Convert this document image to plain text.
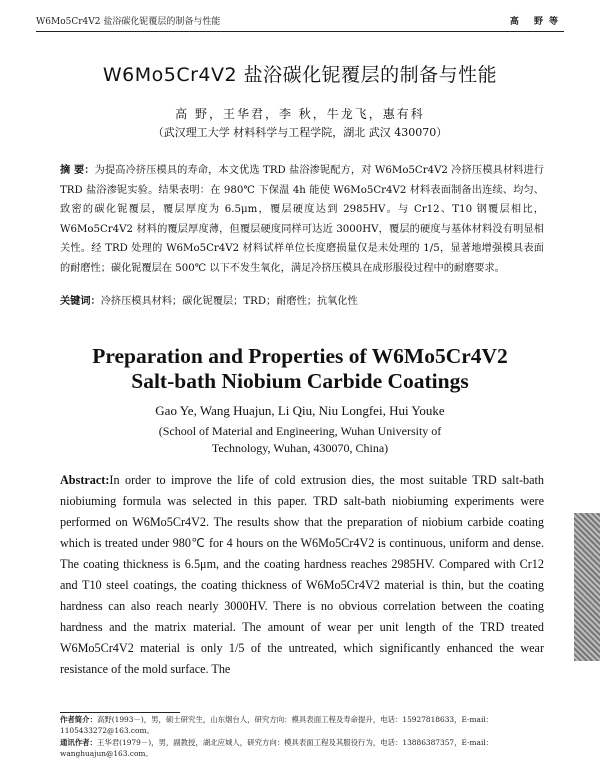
W6Mo5Cr4V2 盐浴碳化铌覆层的制备与性能	高 野等
W6Mo5Cr4V2 盐浴碳化铌覆层的制备与性能
高 野，王华君，李 秋，牛龙飞，惠有科
（武汉理工大学 材料科学与工程学院，湖北 武汉 430070）
摘 要：为提高冷挤压模具的寿命，本文优选 TRD 盐浴渗铌配方，对 W6Mo5Cr4V2 冷挤压模具材料进行 TRD 盐浴渗铌实验。结果表明：在 980℃ 下保温 4h 能使 W6Mo5Cr4V2 材料表面制备出连续、均匀、致密的碳化铌覆层，覆层厚度为 6.5μm，覆层硬度达到 2985HV。与 Cr12、T10 钢覆层相比，W6Mo5Cr4V2 材料的覆层厚度薄，但覆层硬度同样可达近 3000HV，覆层的硬度与基体材料没有明显相关性。经 TRD 处理的 W6Mo5Cr4V2 材料试样单位长度磨损量仅是未处理的 1/5，显著地增强模具表面的耐磨性；碳化铌覆层在 500℃ 以下不发生氧化，满足冷挤压模具在成形服役过程中的耐磨要求。
关键词：冷挤压模具材料；碳化铌覆层；TRD；耐磨性；抗氧化性
Preparation and Properties of W6Mo5Cr4V2
Salt-bath Niobium Carbide Coatings
Gao Ye, Wang Huajun, Li Qiu, Niu Longfei, Hui Youke
(School of Material and Engineering, Wuhan University of
Technology, Wuhan, 430070, China)
Abstract:In order to improve the life of cold extrusion dies, the most suitable TRD salt-bath niobiuming formula was selected in this paper. TRD salt-bath niobiuming experiments were performed on W6Mo5Cr4V2. The results show that the preparation of niobium carbide coating which is treated under 980℃ for 4 hours on the W6Mo5Cr4V2 is continuous, uniform and dense. The coating thickness is 6.5μm, and the coating hardness reaches 2985HV. Compared with Cr12 and T10 steel coatings, the coating thickness of W6Mo5Cr4V2 material is thin, but the coating hardness can also reach nearly 3000HV. There is no obvious correlation between the coating hardness and the matrix material. The amount of wear per unit length of the TRD treated W6Mo5Cr4V2 material is only 1/5 of the untreated, which significantly enhanced the wear resistance of the mold surface. The
作者简介：高野(1993－)，男，硕士研究生，山东烟台人，研究方向：模具表面工程及寿命提升，电话：15927818633，E-mail：1105433272@163.com。
通讯作者：王华君(1979－)，男，副教授，湖北应城人，研究方向：模具表面工程及其服役行为，电话：13886387357，E-mail：wanghuajun@163.com。
